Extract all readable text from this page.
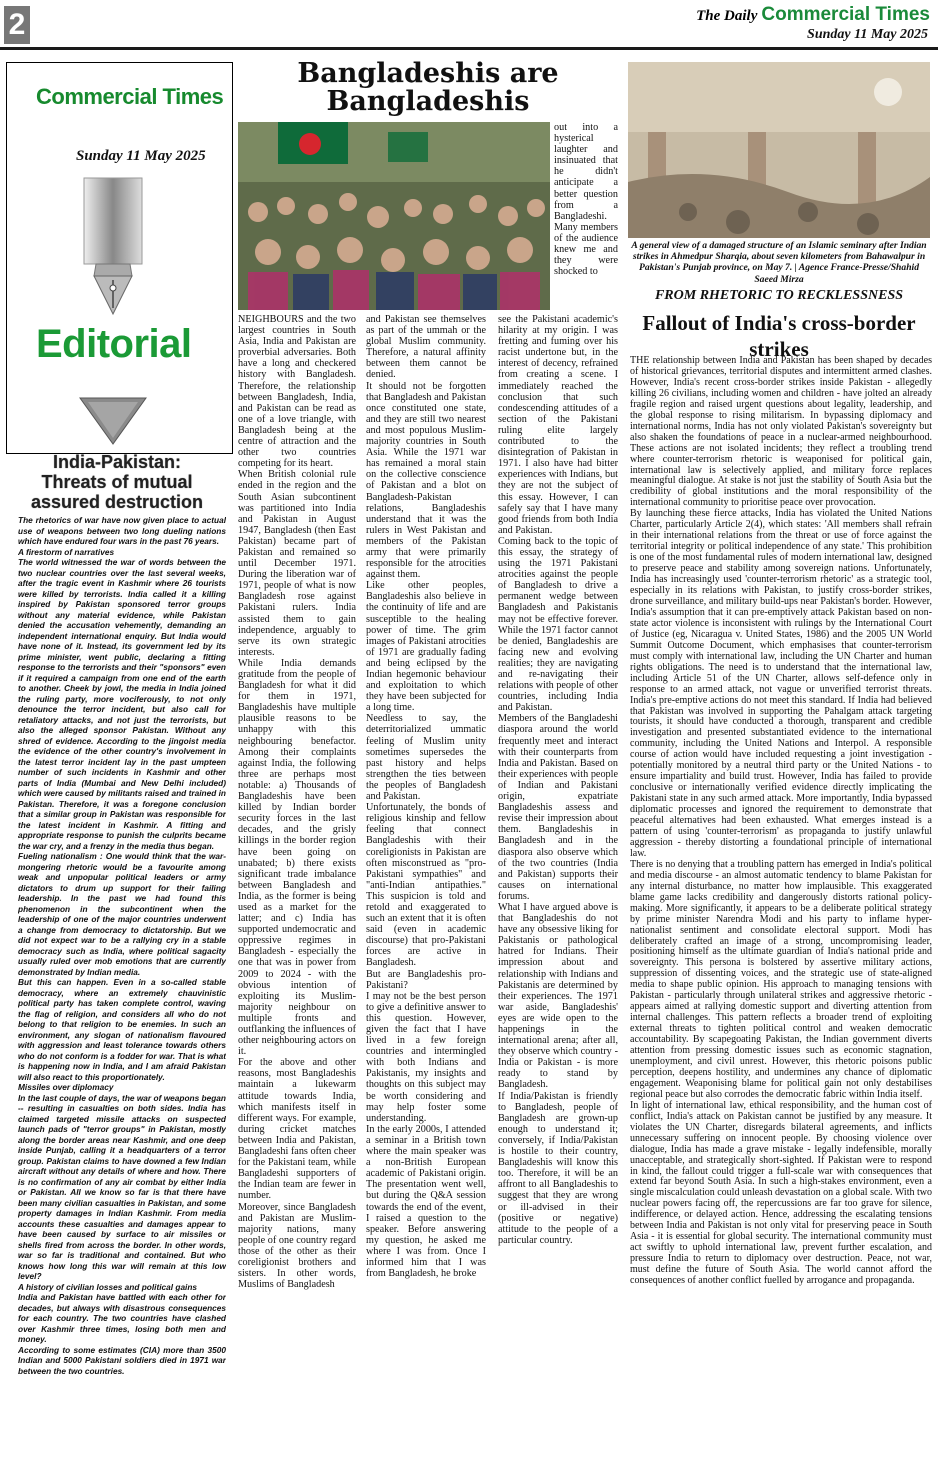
2	The Daily Commercial Times
Sunday 11 May 2025
Commercial Times
Sunday 11 May 2025
Editorial
India-Pakistan: Threats of mutual assured destruction

The rhetorics of war have now given place to actual use of weapons between two long dueling nations which have endured four wars in the past 76 years.

A firestorm of narratives

The world witnessed the war of words between the two nuclear countries over the last several weeks, after the tragic event in Kashmir where 26 tourists were killed by terrorists. India called it a killing inspired by Pakistan sponsored terror groups without any material evidence, while Pakistan denied the accusation vehemently, demanding an independent international enquiry. But India would have none of it. Instead, its government led by its prime minister, went public, declaring a fitting response to the terrorists and their "sponsors" even if it required a campaign from one end of the earth to another. Cheek by jowl, the media in India joined the ruling party, more vociferously, to not only denounce the terror incident, but also call for retaliatory attacks, and not just the terrorists, but also the alleged sponsor Pakistan. Without any shred of evidence. According to the jingoist media the evidence of the other country's involvement in the latest terror incident lay in the past umpteen number of such incidents in Kashmir and other parts of India (Mumbai and New Delhi included) which were caused by militants raised and trained in Pakistan. Therefore, it was a foregone conclusion that a similar group in Pakistan was responsible for the latest incident in Kashmir. A fitting and appropriate response to punish the culprits became the war cry, and a frenzy in the media thus began.

Fueling nationalism : One would think that the war-mongering rhetoric would be a favourite among weak and unpopular political leaders or army dictators to drum up support for their failing leadership. In the past we had found this phenomenon in the subcontinent when the leadership of one of the major countries underwent a change from democracy to dictatorship. But we did not expect war to be a rallying cry in a stable democracy such as India, where political sagacity usually ruled over mob emotions that are currently demonstrated by Indian media.

But this can happen. Even in a so-called stable democracy, where an extremely chauvinistic political party has taken complete control, waving the flag of religion, and considers all who do not belong to that religion to be enemies. In such an environment, any slogan of nationalism flavoured with aggression and least tolerance towards others who do not conform is a fodder for war. That is what is happening now in India, and I am afraid Pakistan will also react to this proportionately.

Missiles over diplomacy

In the last couple of days, the war of weapons began -- resulting in casualties on both sides. India has claimed targeted missile attacks on suspected launch pads of "terror groups" in Pakistan, mostly along the border areas near Kashmir, and one deep inside Punjab, calling it a headquarters of a terror group. Pakistan claims to have downed a few Indian aircraft without any details of where and how. There is no confirmation of any air combat by either India or Pakistan. All we know so far is that there have been many civilian casualties in Pakistan, and some property damages in Indian Kashmir. From media accounts these casualties and damages appear to have been caused by surface to air missiles or shells fired from across the border. In other words, war so far is traditional and contained. But who knows how long this war will remain at this low level?

A history of civilian losses and political gains

India and Pakistan have battled with each other for decades, but always with disastrous consequences for each country. The two countries have clashed over Kashmir three times, losing both men and money.

According to some estimates (CIA) more than 3500 Indian and 5000 Pakistani soldiers died in 1971 war between the two countries.

Bangladeshis are Bangladeshis
out into a hysterical laughter and insinuated that he didn't anticipate a better question from a Bangladeshi. Many members of the audience knew me and they were shocked to

NEIGHBOURS and the two largest countries in South Asia, India and Pakistan are proverbial adversaries. Both have a long and checkered history with Bangladesh. Therefore, the relationship between Bangladesh, India, and Pakistan can be read as one of a love triangle, with Bangladesh being at the centre of attraction and the other two countries competing for its heart.

When British colonial rule ended in the region and the South Asian subcontinent was partitioned into India and Pakistan in August 1947, Bangladesh (then East Pakistan) became part of Pakistan and remained so until December 1971. During the liberation war of 1971, people of what is now Bangladesh rose against Pakistani rulers. India assisted them to gain independence, arguably to serve its own strategic interests.

While India demands gratitude from the people of Bangladesh for what it did for them in 1971, Bangladeshis have multiple plausible reasons to be unhappy with this neighbouring benefactor. Among their complaints against India, the following three are perhaps most notable: a) Thousands of Bangladeshis have been killed by Indian border security forces in the last decades, and the grisly killings in the border region have been going on unabated; b) there exists significant trade imbalance between Bangladesh and India, as the former is being used as a market for the latter; and c) India has supported undemocratic and oppressive regimes in Bangladesh - especially the one that was in power from 2009 to 2024 - with the obvious intention of exploiting its Muslim-majority neighbour on multiple fronts and outflanking the influences of other neighbouring actors on it.

For the above and other reasons, most Bangladeshis maintain a lukewarm attitude towards India, which manifests itself in different ways. For example, during cricket matches between India and Pakistan, Bangladeshi fans often cheer for the Pakistani team, while Bangladeshi supporters of the Indian team are fewer in number.

Moreover, since Bangladesh and Pakistan are Muslim-majority nations, many people of one country regard those of the other as their coreligionist brothers and sisters. In other words, Muslims of Bangladesh

and Pakistan see themselves as part of the ummah or the global Muslim community. Therefore, a natural affinity between them cannot be denied.

It should not be forgotten that Bangladesh and Pakistan once constituted one state, and they are still two nearest and most populous Muslim-majority countries in South Asia. While the 1971 war has remained a moral stain on the collective conscience of Pakistan and a blot on Bangladesh-Pakistan relations, Bangladeshis understand that it was the rulers in West Pakistan and members of the Pakistan army that were primarily responsible for the atrocities against them.

Like other peoples, Bangladeshis also believe in the continuity of life and are susceptible to the healing power of time. The grim images of Pakistani atrocities of 1971 are gradually fading and being eclipsed by the Indian hegemonic behaviour and exploitation to which they have been subjected for a long time.

Needless to say, the deterritorialized ummatic feeling of Muslim unity sometimes supersedes the past history and helps strengthen the ties between the peoples of Bangladesh and Pakistan.

Unfortunately, the bonds of religious kinship and fellow feeling that connect Bangladeshis with their coreligionists in Pakistan are often misconstrued as "pro-Pakistani sympathies" and "anti-Indian antipathies." This suspicion is told and retold and exaggerated to such an extent that it is often said (even in academic discourse) that pro-Pakistani forces are active in Bangladesh.

But are Bangladeshis pro-Pakistani?

I may not be the best person to give a definitive answer to this question. However, given the fact that I have lived in a few foreign countries and intermingled with both Indians and Pakistanis, my insights and thoughts on this subject may be worth considering and may help foster some understanding.

In the early 2000s, I attended a seminar in a British town where the main speaker was a non-British European academic of Pakistani origin. The presentation went well, but during the Q&A session towards the end of the event, I raised a question to the speaker. Before answering my question, he asked me where I was from. Once I informed him that I was from Bangladesh, he broke

see the Pakistani academic's hilarity at my origin. I was fretting and fuming over his racist undertone but, in the interest of decency, refrained from creating a scene. I immediately reached the conclusion that such condescending attitudes of a section of the Pakistani ruling elite largely contributed to the disintegration of Pakistan in 1971. I also have had bitter experiences with Indians, but they are not the subject of this essay. However, I can safely say that I have many good friends from both India and Pakistan.

Coming back to the topic of this essay, the strategy of using the 1971 Pakistani atrocities against the people of Bangladesh to drive a permanent wedge between Bangladesh and Pakistanis may not be effective forever. While the 1971 factor cannot be denied, Bangladeshis are facing new and evolving realities; they are navigating and re-navigating their relations with people of other countries, including India and Pakistan.

Members of the Bangladeshi diaspora around the world frequently meet and interact with their counterparts from India and Pakistan. Based on their experiences with people of Indian and Pakistani origin, expatriate Bangladeshis assess and revise their impression about them. Bangladeshis in Bangladesh and in the diaspora also observe which of the two countries (India and Pakistan) supports their causes on international forums.

What I have argued above is that Bangladeshis do not have any obsessive liking for Pakistanis or pathological hatred for Indians. Their impression about and relationship with Indians and Pakistanis are determined by their experiences. The 1971 war aside, Bangladeshis' eyes are wide open to the happenings in the international arena; after all, they observe which country - India or Pakistan - is more ready to stand by Bangladesh.

If India/Pakistan is friendly to Bangladesh, people of Bangladesh are grown-up enough to understand it; conversely, if India/Pakistan is hostile to their country, Bangladeshis will know this too. Therefore, it will be an affront to all Bangladeshis to suggest that they are wrong or ill-advised in their (positive or negative) attitude to the people of a particular country.

A general view of a damaged structure of an Islamic seminary after Indian strikes in Ahmedpur Sharqia, about seven kilometers from Bahawalpur in Pakistan's Punjab province, on May 7. | Agence France-Presse/Shahid Saeed Mirza
FROM RHETORIC TO RECKLESSNESS
Fallout of India's cross-border strikes

THE relationship between India and Pakistan has been shaped by decades of historical grievances, territorial disputes and intermittent armed clashes. However, India's recent cross-border strikes inside Pakistan - allegedly killing 26 civilians, including women and children - have jolted an already fragile region and raised urgent questions about legality, leadership, and the global response to rising militarism. In bypassing diplomacy and international norms, India has not only violated Pakistan's sovereignty but also shaken the foundations of peace in a nuclear-armed neighbourhood. These actions are not isolated incidents; they reflect a troubling trend where counter-terrorism rhetoric is weaponised for political gain, international law is selectively applied, and military force replaces meaningful dialogue. At stake is not just the stability of South Asia but the credibility of global institutions and the moral responsibility of the international community to prioritise peace over provocation.

By launching these fierce attacks, India has violated the United Nations Charter, particularly Article 2(4), which states: 'All members shall refrain in their international relations from the threat or use of force against the territorial integrity or political independence of any state.' This prohibition is one of the most fundamental rules of modern international law, designed to preserve peace and stability among sovereign nations. Unfortunately, India has increasingly used 'counter-terrorism rhetoric' as a strategic tool, especially in its relations with Pakistan, to justify cross-border strikes, drone surveillance, and military build-ups near Pakistan's border. However, India's assumption that it can pre-emptively attack Pakistan based on non-state actor violence is inconsistent with rulings by the International Court of Justice (eg, Nicaragua v. United States, 1986) and the 2005 UN World Summit Outcome Document, which emphasises that counter-terrorism must comply with international law, including the UN Charter and human rights obligations. The need is to understand that the international law, including Article 51 of the UN Charter, allows self-defence only in response to an armed attack, not vague or unverified terrorist threats. India's pre-emptive actions do not meet this standard. If India had believed that Pakistan was involved in supporting the Pahalgam attack targeting tourists, it should have conducted a thorough, transparent and credible investigation and presented substantiated evidence to the international community, including the United Nations and Interpol. A responsible course of action would have included requesting a joint investigation - potentially monitored by a neutral third party or the United Nations - to ensure impartiality and build trust. However, India has failed to provide conclusive or internationally verified evidence directly implicating the Pakistani state in any such armed attack. More importantly, India bypassed diplomatic processes and ignored the requirement to demonstrate that peaceful alternatives had been exhausted. What emerges instead is a pattern of using 'counter-terrorism' as propaganda to justify unlawful aggression - thereby distorting a foundational principle of international law.

There is no denying that a troubling pattern has emerged in India's political and media discourse - an almost automatic tendency to blame Pakistan for any internal disturbance, no matter how implausible. This exaggerated blame game lacks credibility and dangerously distorts rational policy-making. More significantly, it appears to be a deliberate political strategy by prime minister Narendra Modi and his party to inflame hyper-nationalist sentiment and consolidate electoral support. Modi has deliberately crafted an image of a strong, uncompromising leader, positioning himself as the ultimate guardian of India's national pride and sovereignty. This persona is bolstered by assertive military actions, suppression of dissenting voices, and the strategic use of state-aligned media to shape public opinion. His approach to managing tensions with Pakistan - particularly through unilateral strikes and aggressive rhetoric - appears aimed at rallying domestic support and diverting attention from internal challenges. This pattern reflects a broader trend of exploiting external threats to tighten political control and weaken democratic accountability. By scapegoating Pakistan, the Indian government diverts attention from pressing domestic issues such as economic stagnation, unemployment, and civil unrest. However, this rhetoric poisons public perception, deepens hostility, and undermines any chance of diplomatic engagement. Weaponising blame for political gain not only destabilises regional peace but also corrodes the democratic fabric within India itself.

In light of international law, ethical responsibility, and the human cost of conflict, India's attack on Pakistan cannot be justified by any measure. It violates the UN Charter, disregards bilateral agreements, and inflicts unnecessary suffering on innocent people. By choosing violence over dialogue, India has made a grave mistake - legally indefensible, morally unacceptable, and strategically short-sighted. If Pakistan were to respond in kind, the fallout could trigger a full-scale war with consequences that extend far beyond South Asia. In such a high-stakes environment, even a single miscalculation could unleash devastation on a global scale. With two nuclear powers facing off, the repercussions are far too grave for silence, indifference, or delayed action. Hence, addressing the escalating tensions between India and Pakistan is not only vital for preserving peace in South Asia - it is essential for global security. The international community must act swiftly to uphold international law, prevent further escalation, and pressure India to return to diplomacy over destruction. Peace, not war, must define the future of South Asia. The world cannot afford the consequences of another conflict fuelled by arrogance and propaganda.
